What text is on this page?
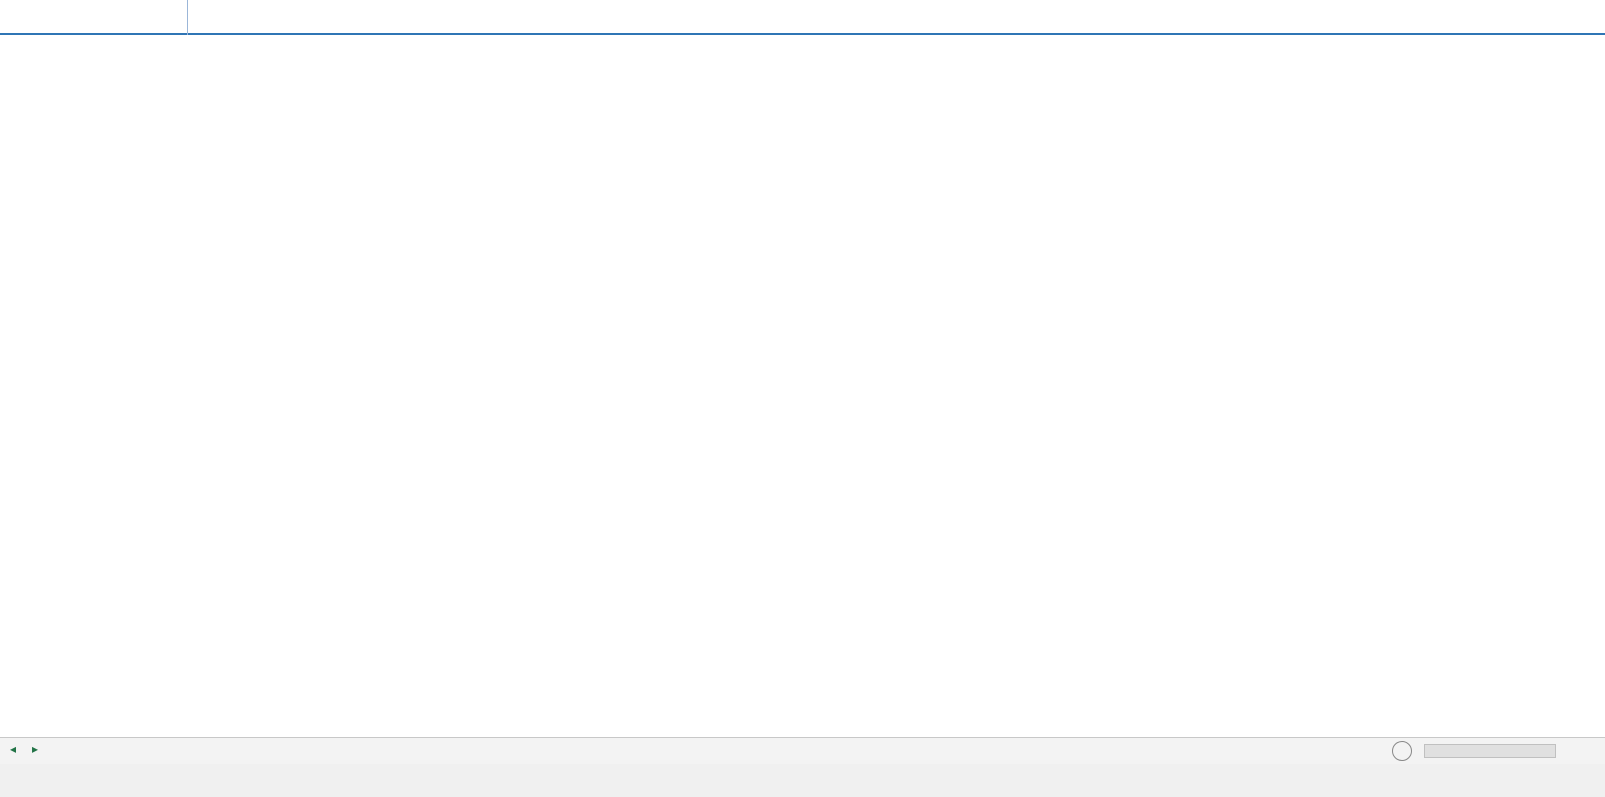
◂ ▸
